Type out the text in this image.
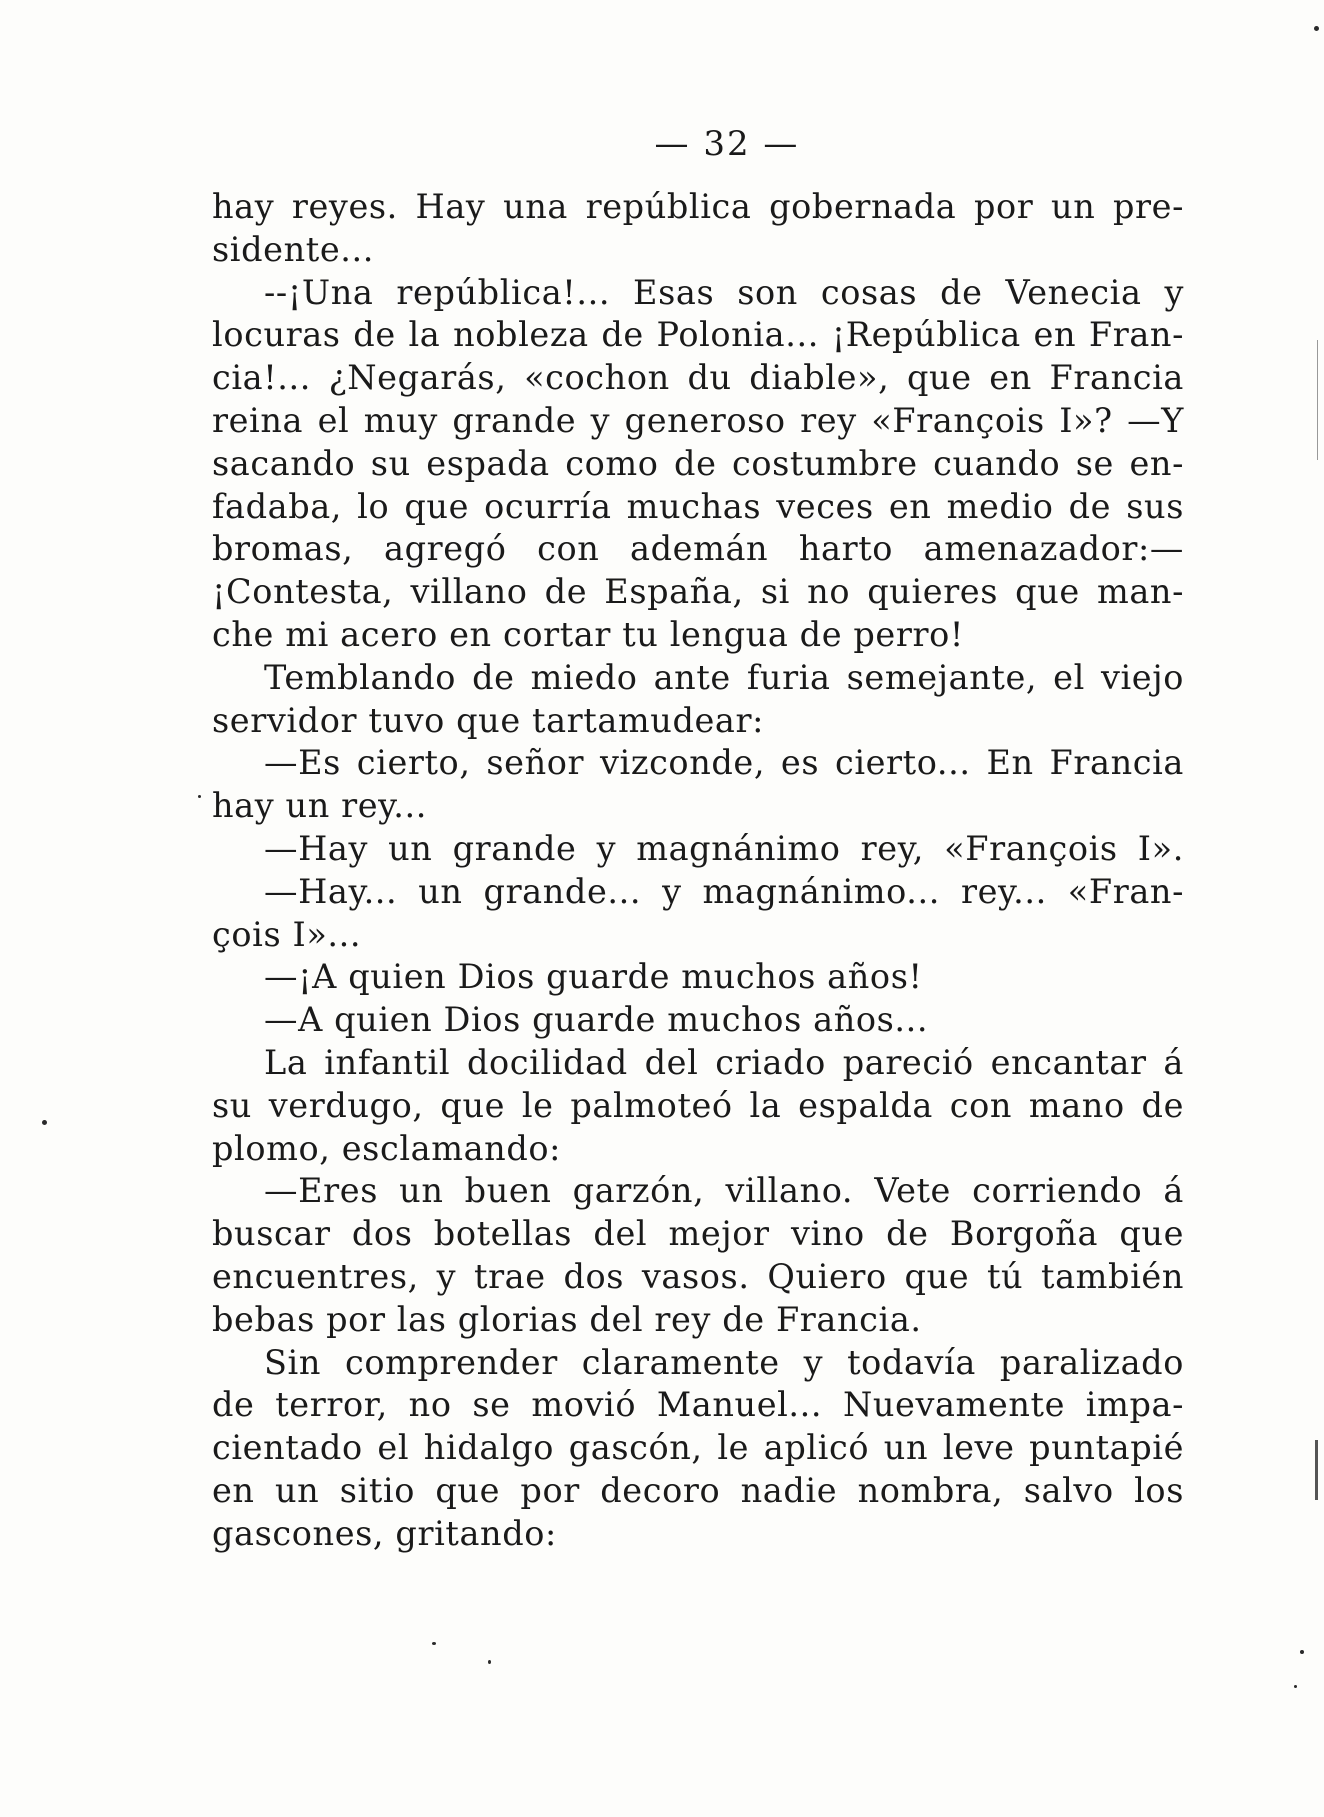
— 32 —
hay reyes. Hay una república gobernada por un pre-
sidente...
--¡Una república!... Esas son cosas de Venecia y
locuras de la nobleza de Polonia... ¡República en Fran-
cia!... ¿Negarás, «cochon du diable», que en Francia
reina el muy grande y generoso rey «François I»? —Y
sacando su espada como de costumbre cuando se en-
fadaba, lo que ocurría muchas veces en medio de sus
bromas, agregó con ademán harto amenazador:—
¡Contesta, villano de España, si no quieres que man-
che mi acero en cortar tu lengua de perro!
Temblando de miedo ante furia semejante, el viejo
servidor tuvo que tartamudear:
—Es cierto, señor vizconde, es cierto... En Francia
hay un rey...
—Hay un grande y magnánimo rey, «François I».
—Hay... un grande... y magnánimo... rey... «Fran-
çois I»...
—¡A quien Dios guarde muchos años!
—A quien Dios guarde muchos años...
La infantil docilidad del criado pareció encantar á
su verdugo, que le palmoteó la espalda con mano de
plomo, esclamando:
—Eres un buen garzón, villano. Vete corriendo á
buscar dos botellas del mejor vino de Borgoña que
encuentres, y trae dos vasos. Quiero que tú también
bebas por las glorias del rey de Francia.
Sin comprender claramente y todavía paralizado
de terror, no se movió Manuel... Nuevamente impa-
cientado el hidalgo gascón, le aplicó un leve puntapié
en un sitio que por decoro nadie nombra, salvo los
gascones, gritando:
